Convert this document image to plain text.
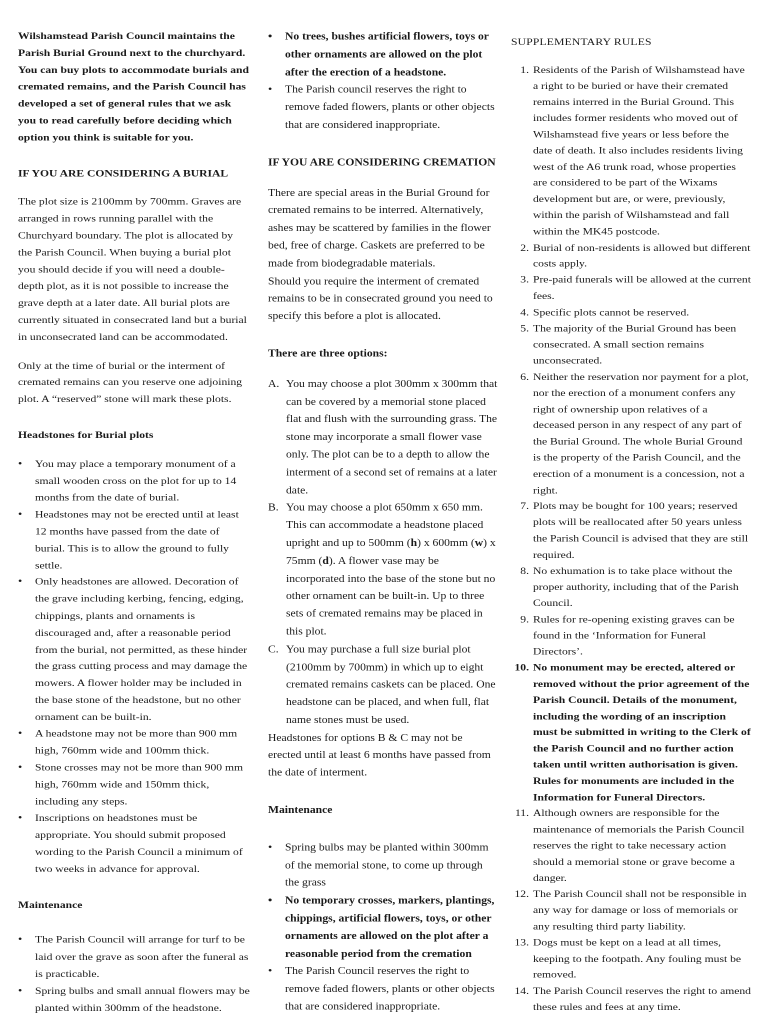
Wilshamstead Parish Council maintains the Parish Burial Ground next to the churchyard. You can buy plots to accommodate burials and cremated remains, and the Parish Council has developed a set of general rules that we ask you to read carefully before deciding which option you think is suitable for you.

IF YOU ARE CONSIDERING A BURIAL

The plot size is 2100mm by 700mm. Graves are arranged in rows running parallel with the Churchyard boundary. The plot is allocated by the Parish Council. When buying a burial plot you should decide if you will need a double-depth plot, as it is not possible to increase the grave depth at a later date. All burial plots are currently situated in consecrated land but a burial in unconsecrated land can be accommodated.

Only at the time of burial or the interment of cremated remains can you reserve one adjoining plot. A “reserved” stone will mark these plots.

Headstones for Burial plots

• You may place a temporary monument of a small wooden cross on the plot for up to 14 months from the date of burial.
• Headstones may not be erected until at least 12 months have passed from the date of burial. This is to allow the ground to fully settle.
• Only headstones are allowed. Decoration of the grave including kerbing, fencing, edging, chippings, plants and ornaments is discouraged and, after a reasonable period from the burial, not permitted, as these hinder the grass cutting process and may damage the mowers. A flower holder may be included in the base stone of the headstone, but no other ornament can be built-in.
• A headstone may not be more than 900 mm high, 760mm wide and 100mm thick.
• Stone crosses may not be more than 900 mm high, 760mm wide and 150mm thick, including any steps.
• Inscriptions on headstones must be appropriate. You should submit proposed wording to the Parish Council a minimum of two weeks in advance for approval.

Maintenance

• The Parish Council will arrange for turf to be laid over the grave as soon after the funeral as is practicable.
• Spring bulbs and small annual flowers may be planted within 300mm of the headstone.
• No trees, bushes artificial flowers, toys or other ornaments are allowed on the plot after the erection of a headstone.
• The Parish council reserves the right to remove faded flowers, plants or other objects that are considered inappropriate.

IF YOU ARE CONSIDERING CREMATION

There are special areas in the Burial Ground for cremated remains to be interred. Alternatively, ashes may be scattered by families in the flower bed, free of charge. Caskets are preferred to be made from biodegradable materials.

Should you require the interment of cremated remains to be in consecrated ground you need to specify this before a plot is allocated.

There are three options:

A. You may choose a plot 300mm x 300mm that can be covered by a memorial stone placed flat and flush with the surrounding grass. The stone may incorporate a small flower vase only. The plot can be to a depth to allow the interment of a second set of remains at a later date.
B. You may choose a plot 650mm x 650 mm. This can accommodate a headstone placed upright and up to 500mm (h) x 600mm (w) x 75mm (d). A flower vase may be incorporated into the base of the stone but no other ornament can be built-in. Up to three sets of cremated remains may be placed in this plot.
C. You may purchase a full size burial plot (2100mm by 700mm) in which up to eight cremated remains caskets can be placed. One headstone can be placed, and when full, flat name stones must be used.

Headstones for options B & C may not be erected until at least 6 months have passed from the date of interment.

Maintenance

• Spring bulbs may be planted within 300mm of the memorial stone, to come up through the grass
• No temporary crosses, markers, plantings, chippings, artificial flowers, toys, or other ornaments are allowed on the plot after a reasonable period from the cremation
• The Parish Council reserves the right to remove faded flowers, plants or other objects that are considered inappropriate.

SUPPLEMENTARY RULES

1. Residents of the Parish of Wilshamstead have a right to be buried or have their cremated remains interred in the Burial Ground. This includes former residents who moved out of Wilshamstead five years or less before the date of death. It also includes residents living west of the A6 trunk road, whose properties are considered to be part of the Wixams development but are, or were, previously, within the parish of Wilshamstead and fall within the MK45 postcode.
2. Burial of non-residents is allowed but different costs apply.
3. Pre-paid funerals will be allowed at the current fees.
4. Specific plots cannot be reserved.
5. The majority of the Burial Ground has been consecrated. A small section remains unconsecrated.
6. Neither the reservation nor payment for a plot, nor the erection of a monument confers any right of ownership upon relatives of a deceased person in any respect of any part of the Burial Ground. The whole Burial Ground is the property of the Parish Council, and the erection of a monument is a concession, not a right.
7. Plots may be bought for 100 years; reserved plots will be reallocated after 50 years unless the Parish Council is advised that they are still required.
8. No exhumation is to take place without the proper authority, including that of the Parish Council.
9. Rules for re-opening existing graves can be found in the ‘Information for Funeral Directors’.
10. No monument may be erected, altered or removed without the prior agreement of the Parish Council. Details of the monument, including the wording of an inscription must be submitted in writing to the Clerk of the Parish Council and no further action taken until written authorisation is given. Rules for monuments are included in the Information for Funeral Directors.
11. Although owners are responsible for the maintenance of memorials the Parish Council reserves the right to take necessary action should a memorial stone or grave become a danger.
12. The Parish Council shall not be responsible in any way for damage or loss of memorials or any resulting third party liability.
13. Dogs must be kept on a lead at all times, keeping to the footpath. Any fouling must be removed.
14. The Parish Council reserves the right to amend these rules and fees at any time.
